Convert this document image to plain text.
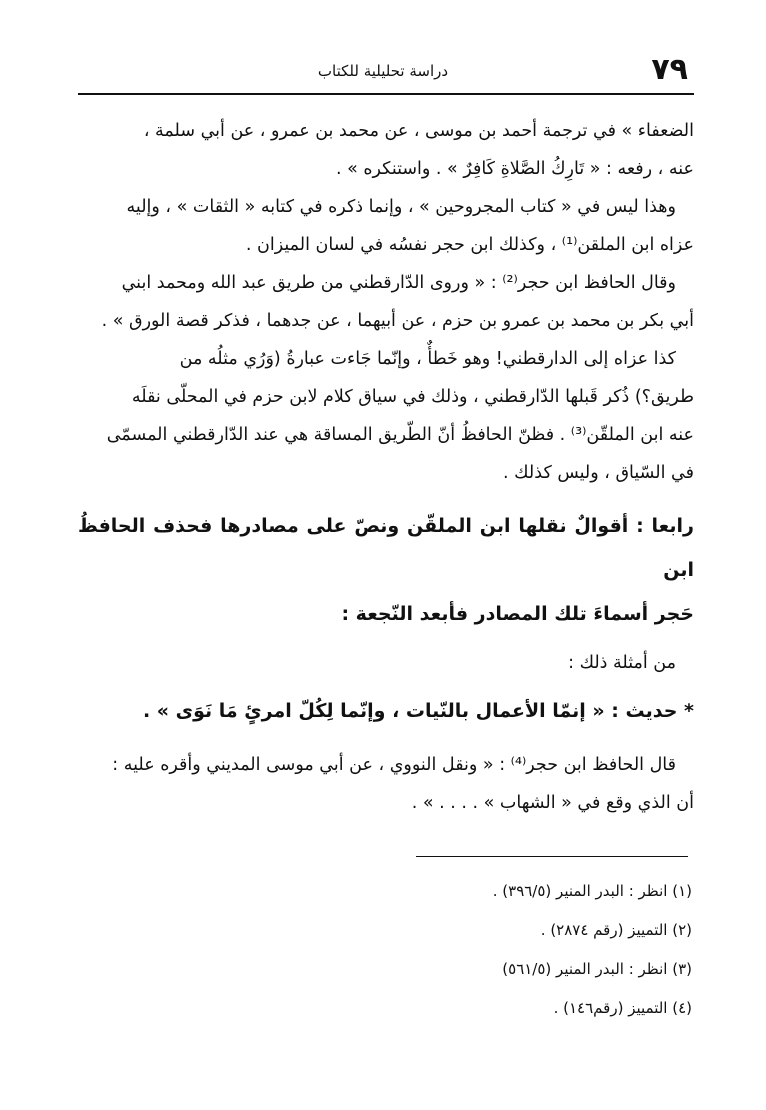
٧٩
دراسة تحليلية للكتاب

الضعفاء » في ترجمة أحمد بن موسى ، عن محمد بن عمرو ، عن أبي سلمة ،

عنه ، رفعه : « تَارِكُ الصَّلاةِ كَافِرٌ » . واستنكره » .

وهذا ليس في « كتاب المجروحين » ، وإنما ذكره في كتابه « الثقات » ، وإليه

عزاه ابن الملقن⁽¹⁾ ، وكذلك ابن حجر نفسُه في لسان الميزان .

وقال الحافظ ابن حجر⁽²⁾ : « وروى الدّارقطني من طريق عبد الله ومحمد ابني

أبي بكر بن محمد بن عمرو بن حزم ، عن أبيهما ، عن جدهما ، فذكر قصة الورق » .

كذا عزاه إلى الدارقطني! وهو خَطأٌ ، وإنّما جَاءت عبارةُ (وَرُي مثلُه من

طريق؟) ذُكر قَبلها الدّارقطني ، وذلك في سياق كلام لابن حزم في المحلّى نقلَه

عنه ابن الملقّن⁽³⁾ . فظنّ الحافظُ أنّ الطّريق المساقة هي عند الدّارقطني المسمّى

في السّياق ، وليس كذلك .

رابعا : أقوالٌ نقلها ابن الملقّن ونصّ على مصادرها فحذف الحافظُ ابن
حَجر أسماءَ تلك المصادر فأبعد النّجعة :

من أمثلة ذلك :

* حديث : « إنمّا الأعمال بالنّيات ، وإنّما لِكُلّ امرئٍ مَا نَوَى » .

قال الحافظ ابن حجر⁽⁴⁾ : « ونقل النووي ، عن أبي موسى المديني وأقره عليه :

أن الذي وقع في « الشهاب » . . . . » .

(١) انظر : البدر المنير (٣٩٦/٥) .

(٢) التمييز (رقم ٢٨٧٤) .

(٣) انظر : البدر المنير (٥٦١/٥)

(٤) التمييز (رقم١٤٦) .
